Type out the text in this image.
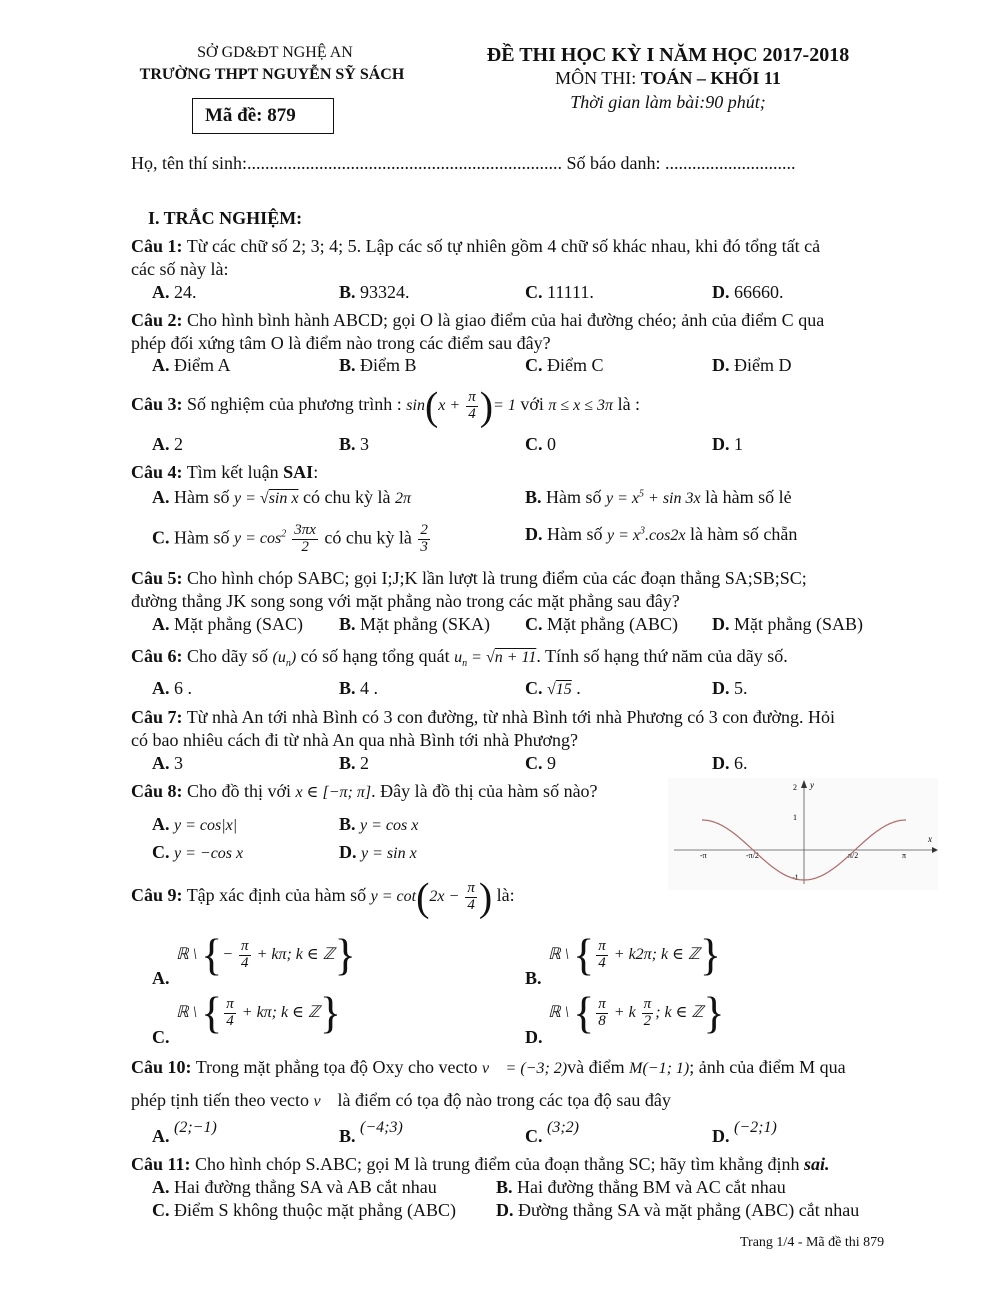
SỞ GD&ĐT NGHỆ AN
TRƯỜNG THPT NGUYỄN SỸ SÁCH
Mã đề: 879
ĐỀ THI HỌC KỲ I NĂM HỌC 2017-2018
MÔN THI: TOÁN – KHỐI 11
Thời gian làm bài:90 phút;
Họ, tên thí sinh:...................................................................... Số báo danh: .............................
I. TRẮC NGHIỆM:
Câu 1: Từ các chữ số 2; 3; 4; 5. Lập các số tự nhiên gồm 4 chữ số khác nhau, khi đó tổng tất cả
các số này là:
A. 24.	B. 93324.	C. 11111.	D. 66660.
Câu 2: Cho hình bình hành ABCD; gọi O là giao điểm của hai đường chéo; ảnh của điểm C qua
phép đối xứng tâm O là điểm nào trong các điểm sau đây?
A. Điểm A	B. Điểm B	C. Điểm C	D. Điểm D
Câu 3: Số nghiệm của phương trình : $\sin(x + \frac{\pi}{4}$ )= 1 với π ≤ x ≤ 3π là :
A. 2	B. 3	C. 0	D. 1
Câu 4: Tìm kết luận SAI:
A. Hàm số y = √sin x có chu kỳ là 2π	B. Hàm số $y = x^5 + \sin 3x$ là hàm số lẻ
C. Hàm số $y = \cos^2 \frac{3\pi x}{2}$ có chu kỳ là $\frac{2}{3}$	D. Hàm số $y = x^3.\cos 2x$ là hàm số chẵn
Câu 5: Cho hình chóp SABC; gọi I;J;K lần lượt là trung điểm của các đoạn thẳng SA;SB;SC;
đường thẳng JK song song với mặt phẳng nào trong các mặt phẳng sau đây?
A. Mặt phẳng (SAC) B. Mặt phẳng (SKA) C. Mặt phẳng (ABC) D. Mặt phẳng (SAB)
Câu 6: Cho dãy số $(u_n)$ có số hạng tổng quát $u_n = √n + 11$. Tính số hạng thứ năm của dãy số.
A. 6 .	B. 4 .	C. √15 .	D. 5.
Câu 7: Từ nhà An tới nhà Bình có 3 con đường, từ nhà Bình tới nhà Phương có 3 con đường. Hỏi
có bao nhiêu cách đi từ nhà An qua nhà Bình tới nhà Phương?
A. 3	B. 2	C. 9	D. 6.
Câu 8: Cho đồ thị với x ∈ [−π; π]. Đây là đồ thị của hàm số nào?
A. y = cos|x|	B. y = cos x
C. y = −cos x	D. y = sin x
x
y
2
1
-1
-π	-π/2	π/2	π
Câu 9: Tập xác định của hàm số $y = \cot(2x - \frac{\pi}{4}$ ) là:
ℝ \ {− $\frac{\pi}{4} + k\pi$; k ∈ ℤ}
A.
ℝ \ { $\frac{\pi}{4} + k2\pi$; k ∈ ℤ}
B.
ℝ \ { $\frac{\pi}{4} + k\pi$; k ∈ ℤ}
C.
ℝ \ { $\frac{\pi}{8} + k \frac{\pi}{2}$ ; k ∈ ℤ}
D.
Câu 10: Trong mặt phẳng tọa độ Oxy cho vecto v⃗ = (−3; 2)và điểm M(−1; 1); ảnh của điểm M qua
phép tịnh tiến theo vecto v⃗ là điểm có tọa độ nào trong các tọa độ sau đây
A. (2;−1)	B. (−4;3)	C. (3;2)	D. (−2;1)
Câu 11: Cho hình chóp S.ABC; gọi M là trung điểm của đoạn thẳng SC; hãy tìm khẳng định sai.
A. Hai đường thẳng SA và AB cắt nhau	B. Hai đường thẳng BM và AC cắt nhau
C. Điểm S không thuộc mặt phẳng (ABC) D. Đường thẳng SA và mặt phẳng (ABC) cắt nhau
Trang 1/4 - Mã đề thi 879
